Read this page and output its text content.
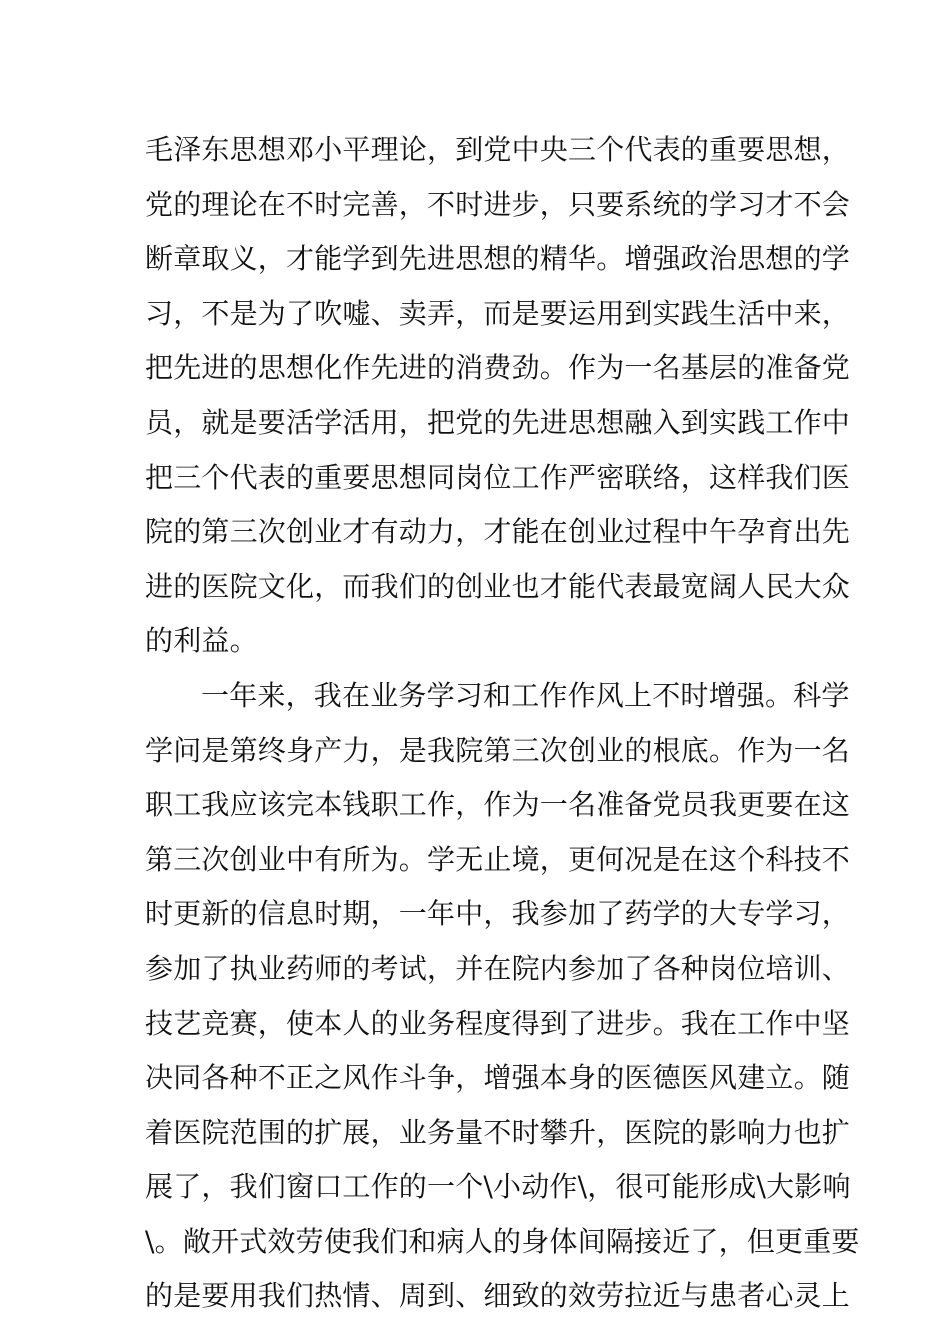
毛泽东思想邓小平理论，到党中央三个代表的重要思想，
党的理论在不时完善，不时进步，只要系统的学习才不会
断章取义，才能学到先进思想的精华。增强政治思想的学
习，不是为了吹嘘、卖弄，而是要运用到实践生活中来，
把先进的思想化作先进的消费劲。作为一名基层的准备党
员，就是要活学活用，把党的先进思想融入到实践工作中
把三个代表的重要思想同岗位工作严密联络，这样我们医
院的第三次创业才有动力，才能在创业过程中午孕育出先
进的医院文化，而我们的创业也才能代表最宽阔人民大众
的利益。
一年来，我在业务学习和工作作风上不时增强。科学
学问是第终身产力，是我院第三次创业的根底。作为一名
职工我应该完本钱职工作，作为一名准备党员我更要在这
第三次创业中有所为。学无止境，更何况是在这个科技不
时更新的信息时期，一年中，我参加了药学的大专学习，
参加了执业药师的考试，并在院内参加了各种岗位培训、
技艺竞赛，使本人的业务程度得到了进步。我在工作中坚
决同各种不正之风作斗争，增强本身的医德医风建立。随
着医院范围的扩展，业务量不时攀升，医院的影响力也扩
展了，我们窗口工作的一个\小动作\，很可能形成\大影响
\。敞开式效劳使我们和病人的身体间隔接近了，但更重要
的是要用我们热情、周到、细致的效劳拉近与患者心灵上
